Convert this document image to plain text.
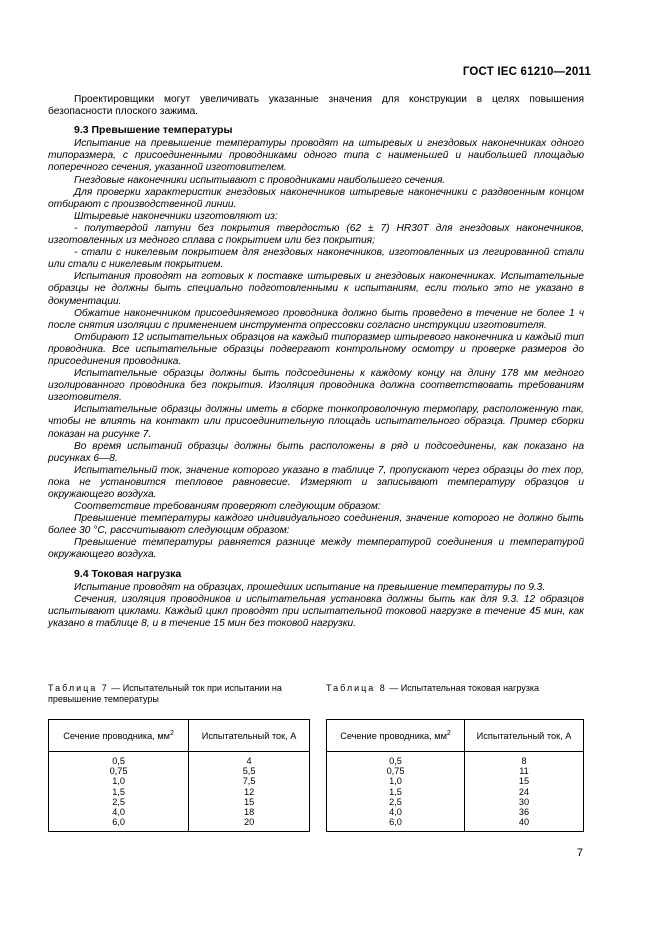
ГОСТ IEC 61210—2011

Проектировщики могут увеличивать указанные значения для конструкции в целях повышения безопасности плоского зажима.

9.3 Превышение температуры

Испытание на превышение температуры проводят на штыревых и гнездовых наконечниках одного типоразмера, с присоединенными проводниками одного типа с наименьшей и наибольшей площадью поперечного сечения, указанной изготовителем.

Гнездовые наконечники испытывают с проводниками наибольшего сечения.

Для проверки характеристик гнездовых наконечников штыревые наконечники с раздвоенным концом отбирают с производственной линии.

Штыревые наконечники изготовляют из:

- полутвердой латуни без покрытия твердостью (62 ± 7) HR30T для гнездовых наконечников, изготовленных из медного сплава с покрытием или без покрытия;

- стали с никелевым покрытием для гнездовых наконечников, изготовленных из легированной стали или стали с никелевым покрытием.

Испытания проводят на готовых к поставке штыревых и гнездовых наконечниках. Испытательные образцы не должны быть специально подготовленными к испытаниям, если только это не указано в документации.

Обжатие наконечником присоединяемого проводника должно быть проведено в течение не более 1 ч после снятия изоляции с применением инструмента опрессовки согласно инструкции изготовителя.

Отбирают 12 испытательных образцов на каждый типоразмер штыревого наконечника и каждый тип проводника. Все испытательные образцы подвергают контрольному осмотру и проверке размеров до присоединения проводника.

Испытательные образцы должны быть подсоединены к каждому концу на длину 178 мм медного изолированного проводника без покрытия. Изоляция проводника должна соответствовать требованиям изготовителя.

Испытательные образцы должны иметь в сборке тонкопроволочную термопару, расположенную так, чтобы не влиять на контакт или присоединительную площадь испытательного образца. Пример сборки показан на рисунке 7.

Во время испытаний образцы должны быть расположены в ряд и подсоединены, как показано на рисунках 6—8.

Испытательный ток, значение которого указано в таблице 7, пропускают через образцы до тех пор, пока не установится тепловое равновесие. Измеряют и записывают температуру образцов и окружающего воздуха.

Соответствие требованиям проверяют следующим образом:

Превышение температуры каждого индивидуального соединения, значение которого не должно быть более 30 °C, рассчитывают следующим образом:

Превышение температуры равняется разнице между температурой соединения и температурой окружающего воздуха.

9.4 Токовая нагрузка

Испытание проводят на образцах, прошедших испытание на превышение температуры по 9.3.

Сечения, изоляция проводников и испытательная установка должны быть как для 9.3. 12 образцов испытывают циклами. Каждый цикл проводят при испытательной токовой нагрузке в течение 45 мин, как указано в таблице 8, и в течение 15 мин без токовой нагрузки.

Таблица 7 — Испытательный ток при испытании на превышение температуры
Сечение проводника, $мм^2$	Испытательный ток, А
0,5	4
0,75	5,5
1,0	7,5
1,5	12
2,5	15
4,0	18
6,0	20
Таблица 8 — Испытательная токовая нагрузка
Сечение проводника, $мм^2$	Испытательный ток, А
0,5	8
0,75	11
1,0	15
1,5	24
2,5	30
4,0	36
6,0	40
7
